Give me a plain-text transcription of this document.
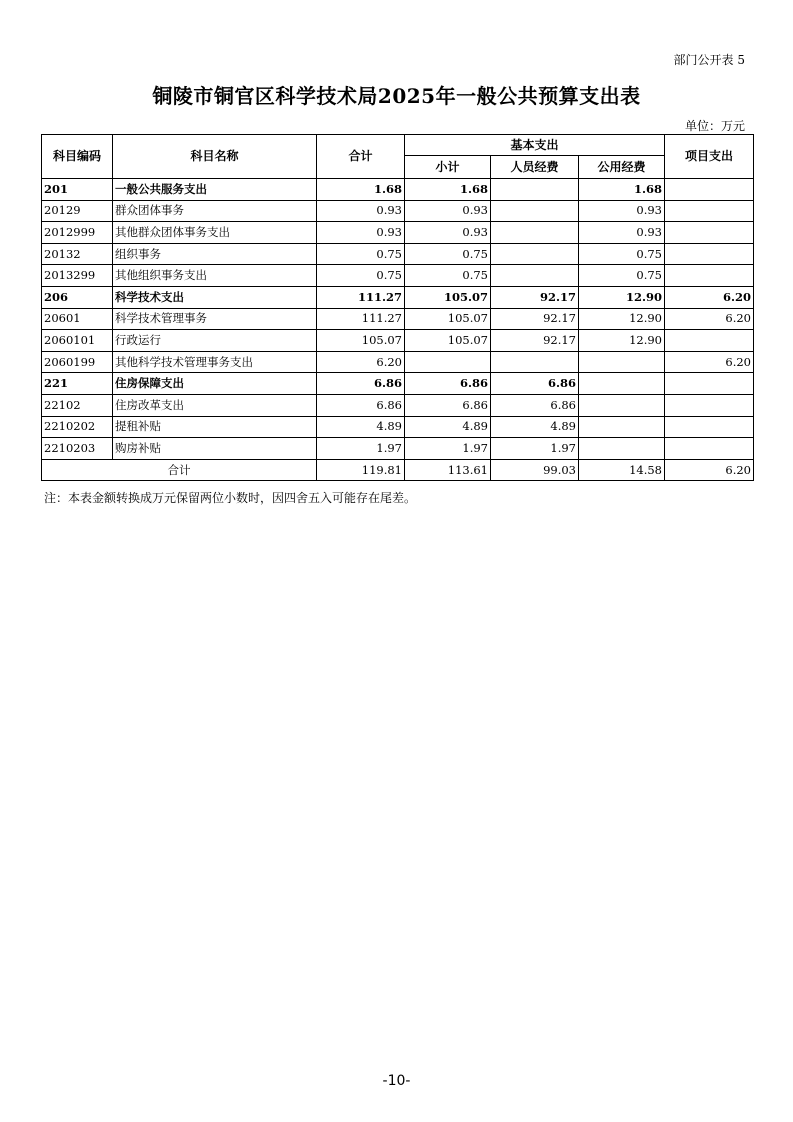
部门公开表 5
铜陵市铜官区科学技术局2025年一般公共预算支出表
单位：万元
科目编码	科目名称	合计	基本支出			项目支出
			小计	人员经费	公用经费	
201	一般公共服务支出	1.68	1.68		1.68	
20129	群众团体事务	0.93	0.93		0.93	
2012999	其他群众团体事务支出	0.93	0.93		0.93	
20132	组织事务	0.75	0.75		0.75	
2013299	其他组织事务支出	0.75	0.75		0.75	
206	科学技术支出	111.27	105.07	92.17	12.90	6.20
20601	科学技术管理事务	111.27	105.07	92.17	12.90	6.20
2060101	行政运行	105.07	105.07	92.17	12.90	
2060199	其他科学技术管理事务支出	6.20				6.20
221	住房保障支出	6.86	6.86	6.86		
22102	住房改革支出	6.86	6.86	6.86		
2210202	提租补贴	4.89	4.89	4.89		
2210203	购房补贴	1.97	1.97	1.97		
合计		119.81	113.61	99.03	14.58	6.20
注：本表金额转换成万元保留两位小数时，因四舍五入可能存在尾差。
-10-
